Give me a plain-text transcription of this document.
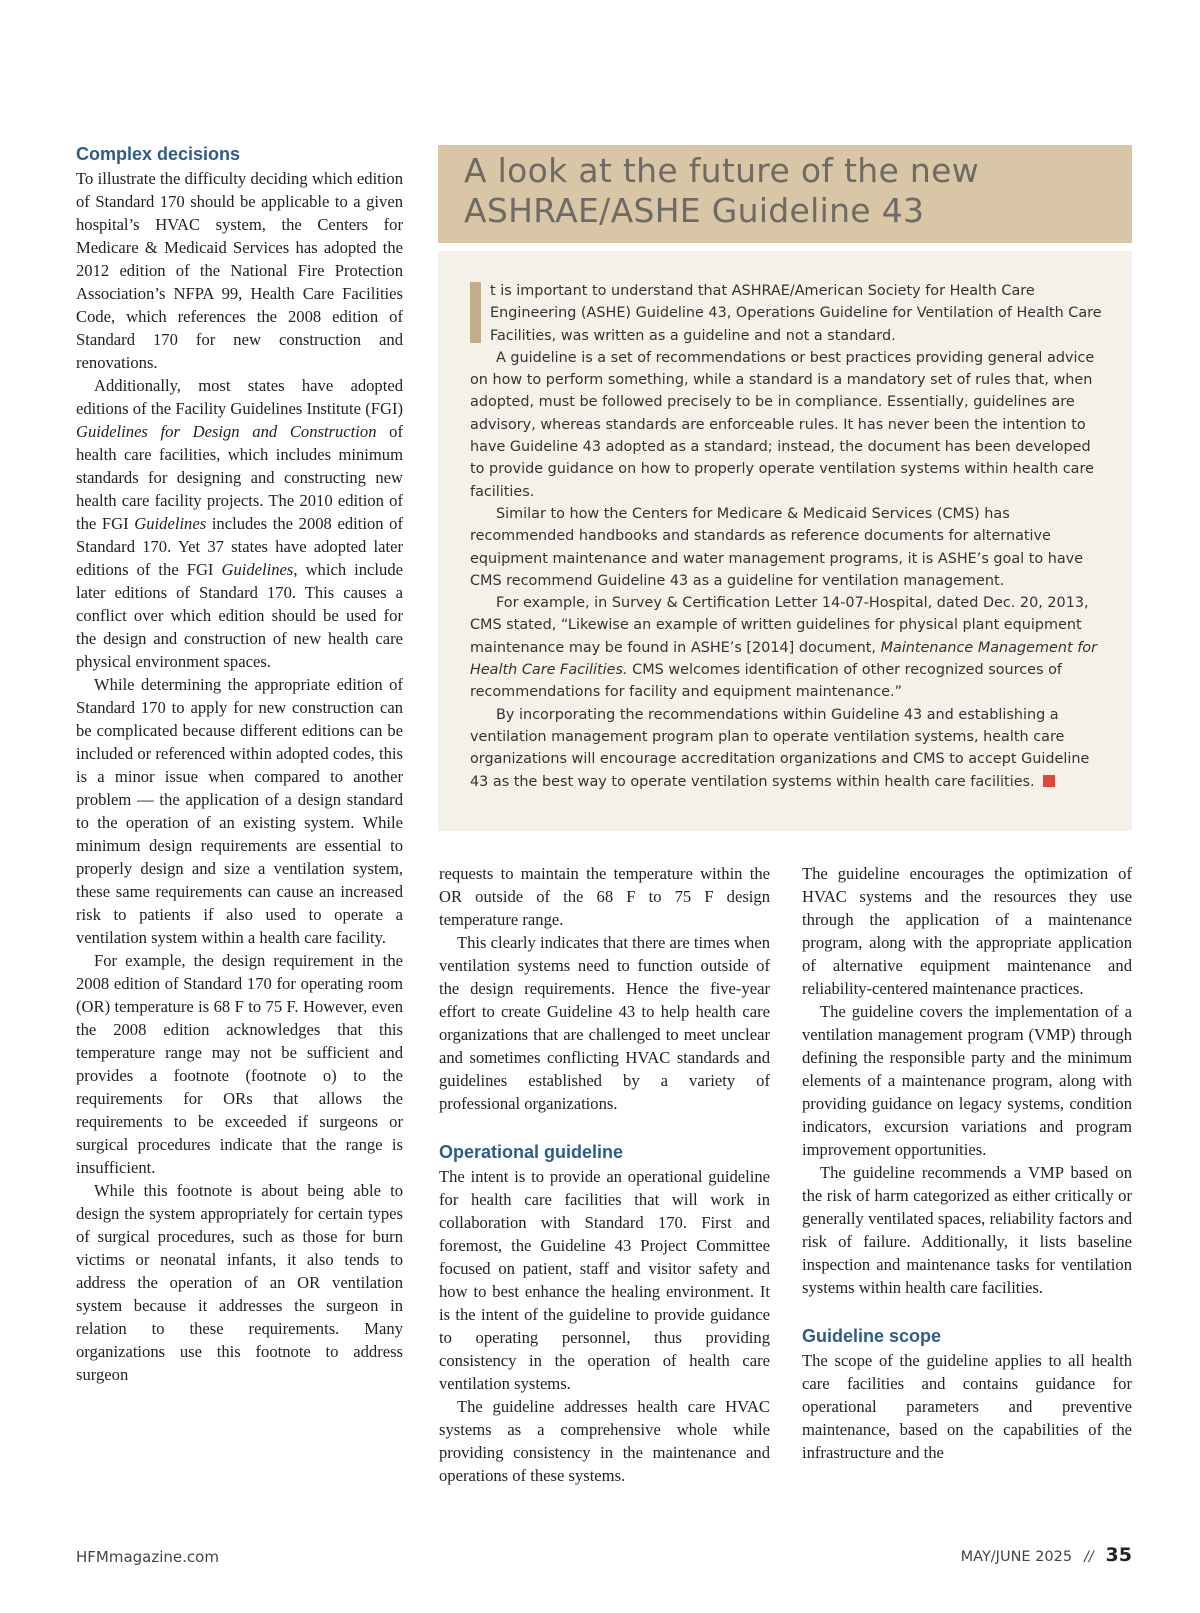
Complex decisions

To illustrate the difficulty deciding which edition of Standard 170 should be applicable to a given hospital’s HVAC system, the Centers for Medicare & Medicaid Services has adopted the 2012 edition of the National Fire Protection Association’s NFPA 99, Health Care Facilities Code, which references the 2008 edition of Standard 170 for new construction and renovations.

Additionally, most states have adopted editions of the Facility Guidelines Institute (FGI) Guidelines for Design and Construction of health care facilities, which includes minimum standards for designing and constructing new health care facility projects. The 2010 edition of the FGI Guidelines includes the 2008 edition of Standard 170. Yet 37 states have adopted later editions of the FGI Guidelines, which include later editions of Standard 170. This causes a conflict over which edition should be used for the design and construction of new health care physical environment spaces.

While determining the appropriate edition of Standard 170 to apply for new construction can be complicated because different editions can be included or referenced within adopted codes, this is a minor issue when compared to another problem — the application of a design standard to the operation of an existing system. While minimum design requirements are essential to properly design and size a ventilation system, these same requirements can cause an increased risk to patients if also used to operate a ventilation system within a health care facility.

For example, the design requirement in the 2008 edition of Standard 170 for operating room (OR) temperature is 68 F to 75 F. However, even the 2008 edition acknowledges that this temperature range may not be sufficient and provides a footnote (footnote o) to the requirements for ORs that allows the requirements to be exceeded if surgeons or surgical procedures indicate that the range is insufficient.

While this footnote is about being able to design the system appropriately for certain types of surgical procedures, such as those for burn victims or neonatal infants, it also tends to address the operation of an OR ventilation system because it addresses the surgeon in relation to these requirements. Many organizations use this footnote to address surgeon

A look at the future of the new ASHRAE/ASHE Guideline 43

t is important to understand that ASHRAE/American Society for Health Care Engineering (ASHE) Guideline 43, Operations Guideline for Ventilation of Health Care Facilities, was written as a guideline and not a standard.

A guideline is a set of recommendations or best practices providing general advice on how to perform something, while a standard is a mandatory set of rules that, when adopted, must be followed precisely to be in compliance. Essentially, guidelines are advisory, whereas standards are enforceable rules. It has never been the intention to have Guideline 43 adopted as a standard; instead, the document has been developed to provide guidance on how to properly operate ventilation systems within health care facilities.

Similar to how the Centers for Medicare & Medicaid Services (CMS) has recommended handbooks and standards as reference documents for alternative equipment maintenance and water management programs, it is ASHE’s goal to have CMS recommend Guideline 43 as a guideline for ventilation management.

For example, in Survey & Certification Letter 14-07-Hospital, dated Dec. 20, 2013, CMS stated, “Likewise an example of written guidelines for physical plant equipment maintenance may be found in ASHE’s [2014] document, Maintenance Management for Health Care Facilities. CMS welcomes identification of other recognized sources of recommendations for facility and equipment maintenance.”

By incorporating the recommendations within Guideline 43 and establishing a ventilation management program plan to operate ventilation systems, health care organizations will encourage accreditation organizations and CMS to accept Guideline 43 as the best way to operate ventilation systems within health care facilities.

requests to maintain the temperature within the OR outside of the 68 F to 75 F design temperature range.

This clearly indicates that there are times when ventilation systems need to function outside of the design requirements. Hence the five-year effort to create Guideline 43 to help health care organizations that are challenged to meet unclear and sometimes conflicting HVAC standards and guidelines established by a variety of professional organizations.

Operational guideline

The intent is to provide an operational guideline for health care facilities that will work in collaboration with Standard 170. First and foremost, the Guideline 43 Project Committee focused on patient, staff and visitor safety and how to best enhance the healing environment. It is the intent of the guideline to provide guidance to operating personnel, thus providing consistency in the operation of health care ventilation systems.

The guideline addresses health care HVAC systems as a comprehensive whole while providing consistency in the maintenance and operations of these systems.

The guideline encourages the optimization of HVAC systems and the resources they use through the application of a maintenance program, along with the appropriate application of alternative equipment maintenance and reliability-centered maintenance practices.

The guideline covers the implementation of a ventilation management program (VMP) through defining the responsible party and the minimum elements of a maintenance program, along with providing guidance on legacy systems, condition indicators, excursion variations and program improvement opportunities.

The guideline recommends a VMP based on the risk of harm categorized as either critically or generally ventilated spaces, reliability factors and risk of failure. Additionally, it lists baseline inspection and maintenance tasks for ventilation systems within health care facilities.

Guideline scope

The scope of the guideline applies to all health care facilities and contains guidance for operational parameters and preventive maintenance, based on the capabilities of the infrastructure and the

HFMmagazine.com	MAY/JUNE 2025 // 35
